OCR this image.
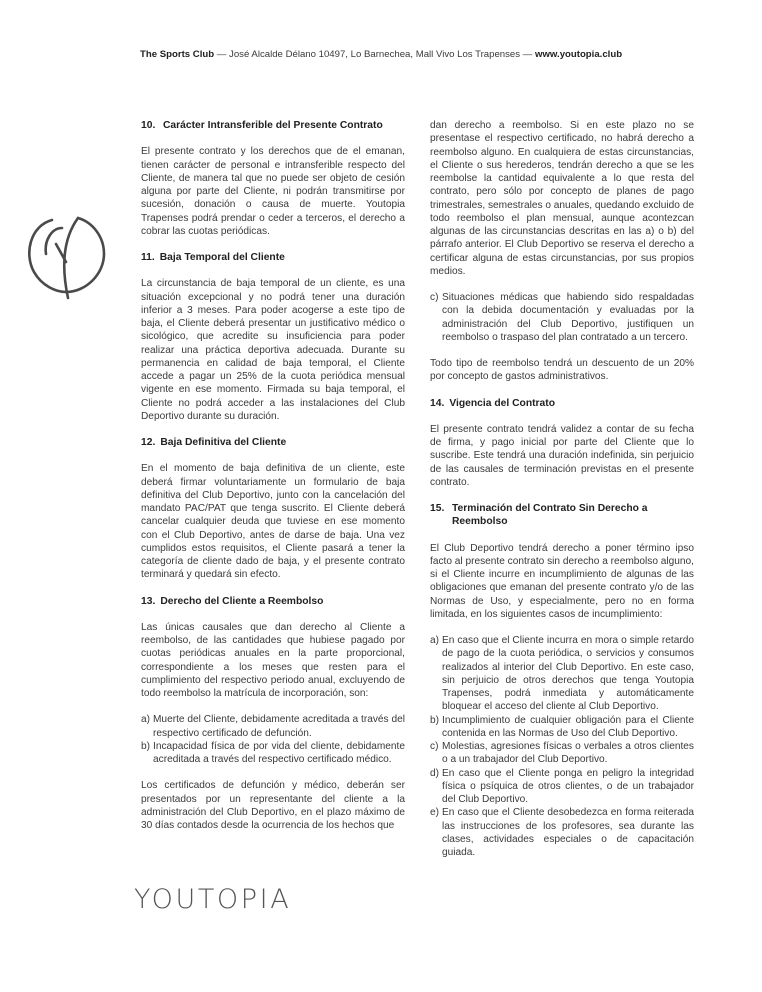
The Sports Club — José Alcalde Délano 10497, Lo Barnechea, Mall Vivo Los Trapenses — www.youtopia.club
YOUTOPIA
10. Carácter Intransferible del Presente Contrato

El presente contrato y los derechos que de el emanan, tienen carácter de personal e intransferible respecto del Cliente, de manera tal que no puede ser objeto de cesión alguna por parte del Cliente, ni podrán transmitirse por sucesión, donación o causa de muerte. Youtopia Trapenses podrá prendar o ceder a terceros, el derecho a cobrar las cuotas periódicas.

11. Baja Temporal del Cliente

La circunstancia de baja temporal de un cliente, es una situación excepcional y no podrá tener una duración inferior a 3 meses. Para poder acogerse a este tipo de baja, el Cliente deberá presentar un justificativo médico o sicológico, que acredite su insuficiencia para poder realizar una práctica deportiva adecuada. Durante su permanencia en calidad de baja temporal, el Cliente accede a pagar un 25% de la cuota periódica mensual vigente en ese momento. Firmada su baja temporal, el Cliente no podrá acceder a las instalaciones del Club Deportivo durante su duración.

12. Baja Definitiva del Cliente

En el momento de baja definitiva de un cliente, este deberá firmar voluntariamente un formulario de baja definitiva del Club Deportivo, junto con la cancelación del mandato PAC/PAT que tenga suscrito. El Cliente deberá cancelar cualquier deuda que tuviese en ese momento con el Club Deportivo, antes de darse de baja. Una vez cumplidos estos requisitos, el Cliente pasará a tener la categoría de cliente dado de baja, y el presente contrato terminará y quedará sin efecto.

13. Derecho del Cliente a Reembolso

Las únicas causales que dan derecho al Cliente a reembolso, de las cantidades que hubiese pagado por cuotas periódicas anuales en la parte proporcional, correspondiente a los meses que resten para el cumplimiento del respectivo periodo anual, excluyendo de todo reembolso la matrícula de incorporación, son:

a) Muerte del Cliente, debidamente acreditada a través del respectivo certificado de defunción.
b) Incapacidad física de por vida del cliente, debidamente acreditada a través del respectivo certificado médico.

Los certificados de defunción y médico, deberán ser presentados por un representante del cliente a la administración del Club Deportivo, en el plazo máximo de 30 días contados desde la ocurrencia de los hechos que

dan derecho a reembolso. Si en este plazo no se presentase el respectivo certificado, no habrá derecho a reembolso alguno. En cualquiera de estas circunstancias, el Cliente o sus herederos, tendrán derecho a que se les reembolse la cantidad equivalente a lo que resta del contrato, pero sólo por concepto de planes de pago trimestrales, semestrales o anuales, quedando excluido de todo reembolso el plan mensual, aunque acontezcan algunas de las circunstancias descritas en las a) o b) del párrafo anterior. El Club Deportivo se reserva el derecho a certificar alguna de estas circunstancias, por sus propios medios.

c) Situaciones médicas que habiendo sido respaldadas con la debida documentación y evaluadas por la administración del Club Deportivo, justifiquen un reembolso o traspaso del plan contratado a un tercero.

Todo tipo de reembolso tendrá un descuento de un 20% por concepto de gastos administrativos.

14. Vigencia del Contrato

El presente contrato tendrá validez a contar de su fecha de firma, y pago inicial por parte del Cliente que lo suscribe. Este tendrá una duración indefinida, sin perjuicio de las causales de terminación previstas en el presente contrato.

15. Terminación del Contrato Sin Derecho a Reembolso

El Club Deportivo tendrá derecho a poner término ipso facto al presente contrato sin derecho a reembolso alguno, si el Cliente incurre en incumplimiento de algunas de las obligaciones que emanan del presente contrato y/o de las Normas de Uso, y especialmente, pero no en forma limitada, en los siguientes casos de incumplimiento:

a) En caso que el Cliente incurra en mora o simple retardo de pago de la cuota periódica, o servicios y consumos realizados al interior del Club Deportivo. En este caso, sin perjuicio de otros derechos que tenga Youtopia Trapenses, podrá inmediata y automáticamente bloquear el acceso del cliente al Club Deportivo.
b) Incumplimiento de cualquier obligación para el Cliente contenida en las Normas de Uso del Club Deportivo.
c) Molestias, agresiones físicas o verbales a otros clientes o a un trabajador del Club Deportivo.
d) En caso que el Cliente ponga en peligro la integridad física o psíquica de otros clientes, o de un trabajador del Club Deportivo.
e) En caso que el Cliente desobedezca en forma reiterada las instrucciones de los profesores, sea durante las clases, actividades especiales o de capacitación guiada.
